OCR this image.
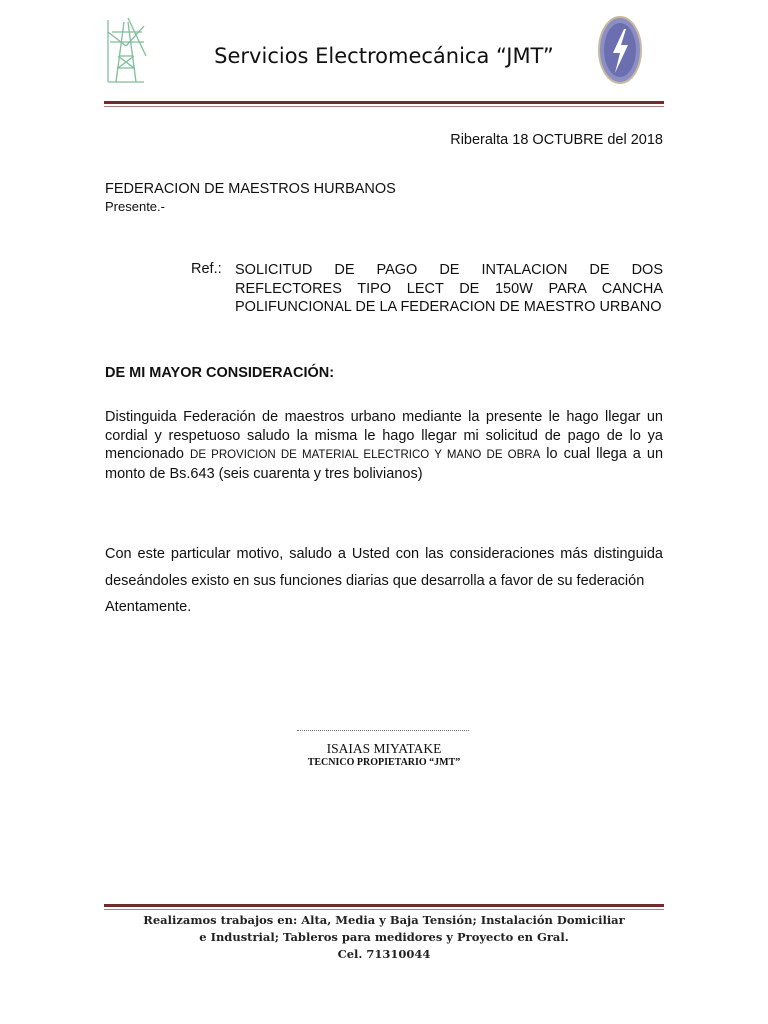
Servicios Electromecánica “JMT”
Riberalta 18 OCTUBRE del 2018
FEDERACION DE MAESTROS HURBANOS
Presente.-
Ref.: SOLICITUD DE PAGO DE INTALACION DE DOS REFLECTORES TIPO LECT DE 150W PARA CANCHA POLIFUNCIONAL DE LA FEDERACION DE MAESTRO URBANO
DE MI MAYOR CONSIDERACIÓN:
Distinguida Federación de maestros urbano mediante la presente le hago llegar un cordial y respetuoso saludo la misma le hago llegar mi solicitud de pago de lo ya mencionado DE PROVICION DE MATERIAL ELECTRICO Y MANO DE OBRA lo cual llega a un monto de Bs.643 (seis cuarenta y tres bolivianos)
Con este particular motivo, saludo a Usted con las consideraciones más distinguida deseándoles existo en sus funciones diarias que desarrolla a favor de su federación
Atentamente.
ISAIAS MIYATAKE
TECNICO PROPIETARIO “JMT”
Realizamos trabajos en: Alta, Media y Baja Tensión; Instalación Domiciliar
e Industrial; Tableros para medidores y Proyecto en Gral.
Cel. 71310044
